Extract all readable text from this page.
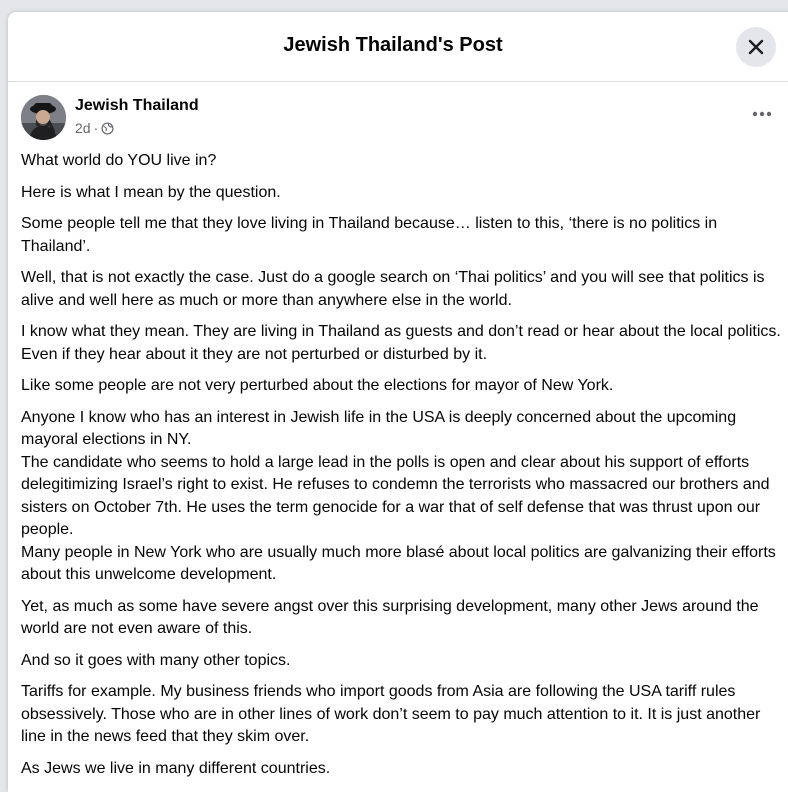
Jewish Thailand's Post
Jewish Thailand
2d ·

What world do YOU live in?

Here is what I mean by the question.

Some people tell me that they love living in Thailand because… listen to this, ‘there is no politics in Thailand’.

Well, that is not exactly the case. Just do a google search on ‘Thai politics’ and you will see that politics is alive and well here as much or more than anywhere else in the world.

I know what they mean. They are living in Thailand as guests and don’t read or hear about the local politics. Even if they hear about it they are not perturbed or disturbed by it.

Like some people are not very perturbed about the elections for mayor of New York.

Anyone I know who has an interest in Jewish life in the USA is deeply concerned about the upcoming mayoral elections in NY.

The candidate who seems to hold a large lead in the polls is open and clear about his support of efforts delegitimizing Israel’s right to exist. He refuses to condemn the terrorists who massacred our brothers and sisters on October 7th. He uses the term genocide for a war that of self defense that was thrust upon our people.

Many people in New York who are usually much more blasé about local politics are galvanizing their efforts about this unwelcome development.

Yet, as much as some have severe angst over this surprising development, many other Jews around the world are not even aware of this.

And so it goes with many other topics.

Tariffs for example. My business friends who import goods from Asia are following the USA tariff rules obsessively. Those who are in other lines of work don’t seem to pay much attention to it. It is just another line in the news feed that they skim over.

As Jews we live in many different countries.
